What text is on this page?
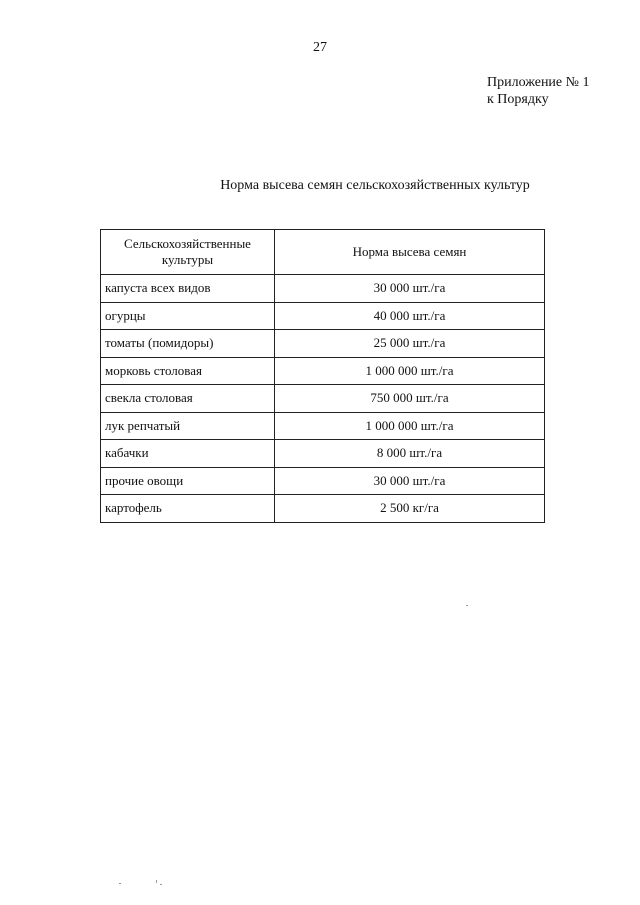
27
Приложение № 1
к Порядку
Норма высева семян сельскохозяйственных культур
Сельскохозяйственные культуры	Норма высева семян
капуста всех видов	30 000 шт./га
огурцы	40 000 шт./га
томаты (помидоры)	25 000 шт./га
морковь столовая	1 000 000 шт./га
свекла столовая	750 000 шт./га
лук репчатый	1 000 000 шт./га
кабачки	8 000 шт./га
прочие овощи	30 000 шт./га
картофель	2 500 кг/га
